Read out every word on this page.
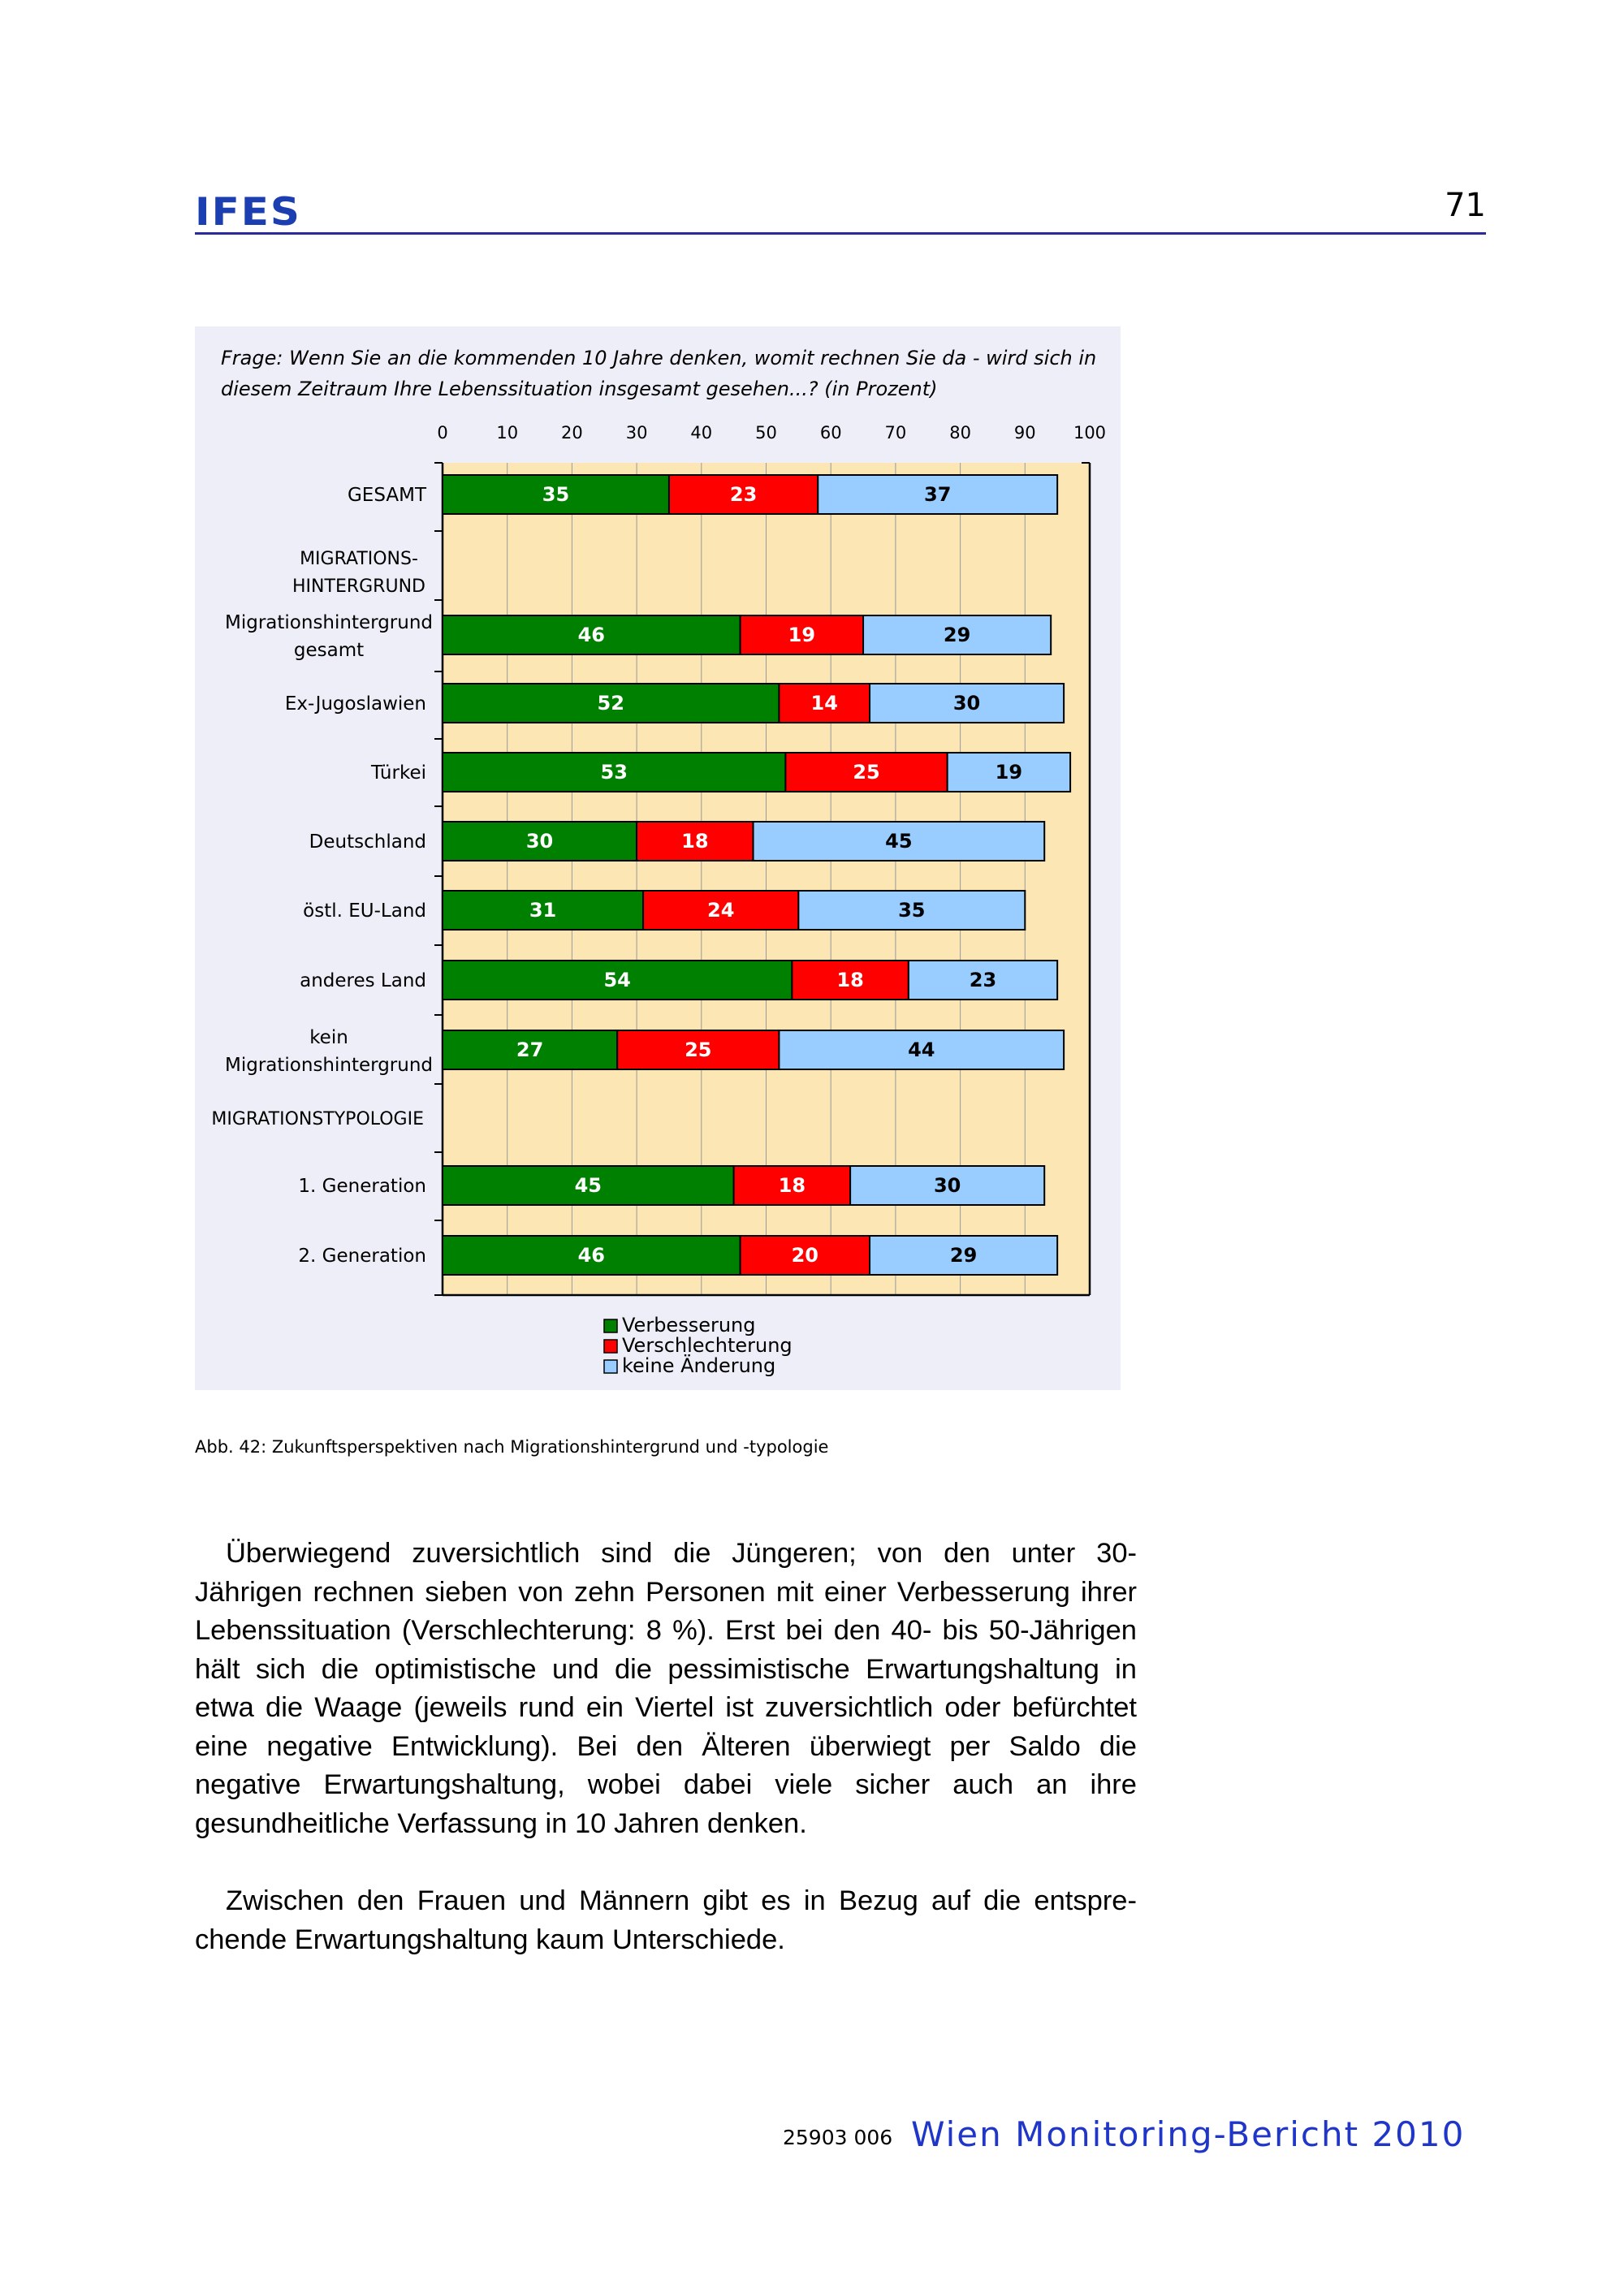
IFES	71
Frage: Wenn Sie an die kommenden 10 Jahre denken, womit rechnen Sie da - wird sich in diesem Zeitraum Ihre Lebenssituation insgesamt gesehen...? (in Prozent)
0	10	20	30	40	50	60	70	80	90 100
GESAMT
MIGRATIONS-HINTERGRUND
Migrationshintergrund gesamt
Ex-Jugoslawien
Türkei
Deutschland
östl. EU-Land
anderes Land
kein Migrationshintergrund
MIGRATIONSTYPOLOGIE
1. Generation
2. Generation
35	23	37
46	19	29
52	14	30
53	25	19
30	18	45
31	24	35
54	18	23
27	25	44
45	18	30
46	20	29
Verbesserung
Verschlechterung
keine Änderung
Abb. 42: Zukunftsperspektiven nach Migrationshintergrund und -typologie
Überwiegend zuversichtlich sind die Jüngeren; von den unter 30-Jährigen rechnen sieben von zehn Personen mit einer Verbesserung ihrer Lebenssituation (Verschlechterung: 8 %). Erst bei den 40- bis 50-Jährigen hält sich die optimistische und die pessimistische Erwartungshaltung in etwa die Waage (jeweils rund ein Viertel ist zuversichtlich oder befürchtet eine negative Entwicklung). Bei den Älteren überwiegt per Saldo die negative Erwartungshaltung, wobei dabei viele sicher auch an ihre gesundheitliche Verfassung in 10 Jahren denken.
Zwischen den Frauen und Männern gibt es in Bezug auf die entsprechende Erwartungshaltung kaum Unterschiede.
25903 006 Wien Monitoring-Bericht 2010
